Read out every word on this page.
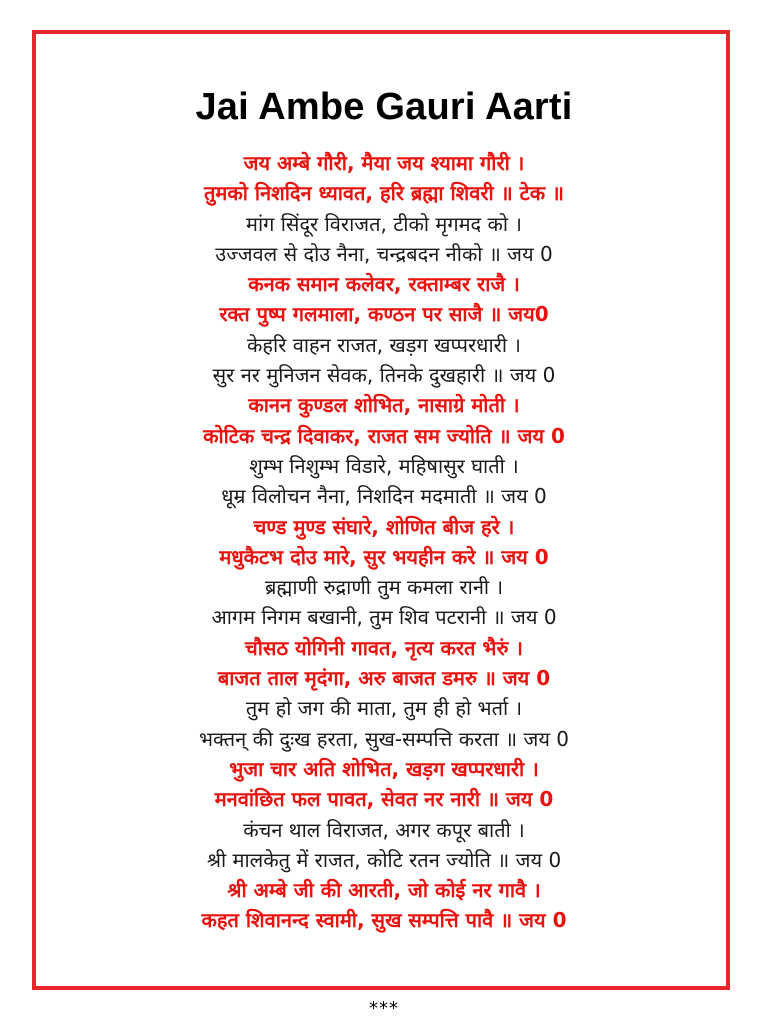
Jai Ambe Gauri Aarti
जय अम्बे गौरी, मैया जय श्यामा गौरी ।
तुमको निशदिन ध्यावत, हरि ब्रह्मा शिवरी ॥ टेक ॥
मांग सिंदूर विराजत, टीको मृगमद को ।
उज्जवल से दोउ नैना, चन्द्रबदन नीको ॥ जय 0
कनक समान कलेवर, रक्ताम्बर राजै ।
रक्त पुष्प गलमाला, कण्ठन पर साजै ॥ जय0
केहरि वाहन राजत, खड़ग खप्परधारी ।
सुर नर मुनिजन सेवक, तिनके दुखहारी ॥ जय 0
कानन कुण्डल शोभित, नासाग्रे मोती ।
कोटिक चन्द्र दिवाकर, राजत सम ज्योति ॥ जय 0
शुम्भ निशुम्भ विडारे, महिषासुर घाती ।
धूम्र विलोचन नैना, निशदिन मदमाती ॥ जय 0
चण्ड मुण्ड संघारे, शोणित बीज हरे ।
मधुकैटभ दोउ मारे, सुर भयहीन करे ॥ जय 0
ब्रह्माणी रुद्राणी तुम कमला रानी ।
आगम निगम बखानी, तुम शिव पटरानी ॥ जय 0
चौसठ योगिनी गावत, नृत्य करत भैरुं ।
बाजत ताल मृदंगा, अरु बाजत डमरु ॥ जय 0
तुम हो जग की माता, तुम ही हो भर्ता ।
भक्तन् की दुःख हरता, सुख-सम्पत्ति करता ॥ जय 0
भुजा चार अति शोभित, खड़ग खप्परधारी ।
मनवांछित फल पावत, सेवत नर नारी ॥ जय 0
कंचन थाल विराजत, अगर कपूर बाती ।
श्री मालकेतु में राजत, कोटि रतन ज्योति ॥ जय 0
श्री अम्बे जी की आरती, जो कोई नर गावै ।
कहत शिवानन्द स्वामी, सुख सम्पत्ति पावै ॥ जय 0
***
